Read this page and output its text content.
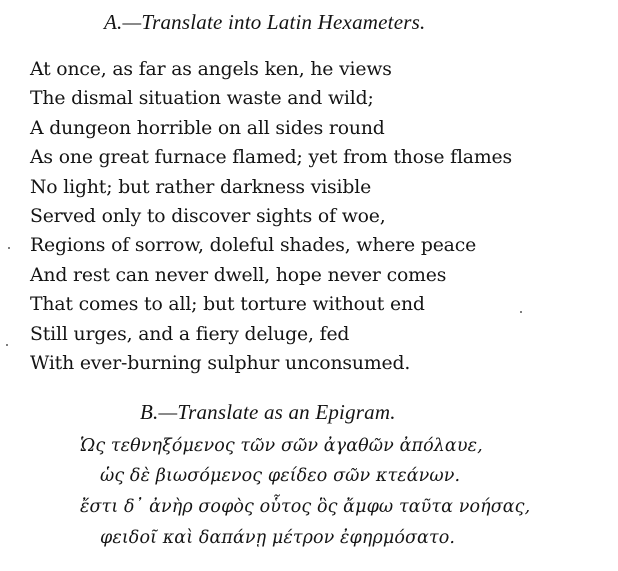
A.—Translate into Latin Hexameters.
At once, as far as angels ken, he views
The dismal situation waste and wild;
A dungeon horrible on all sides round
As one great furnace flamed; yet from those flames
No light; but rather darkness visible
Served only to discover sights of woe,
Regions of sorrow, doleful shades, where peace
And rest can never dwell, hope never comes
That comes to all; but torture without end
Still urges, and a fiery deluge, fed
With ever-burning sulphur unconsumed.
B.—Translate as an Epigram.
Ὡς τεθνηξόμενος τῶν σῶν ἀγαθῶν ἀπόλαυε,
ὡς δὲ βιωσόμενος φείδεο σῶν κτεάνων.
ἔστι δ᾽ ἀνὴρ σοφὸς οὗτος ὃς ἄμφω ταῦτα νοήσας,
φειδοῖ καὶ δαπάνῃ μέτρον ἐφηρμόσατο.
